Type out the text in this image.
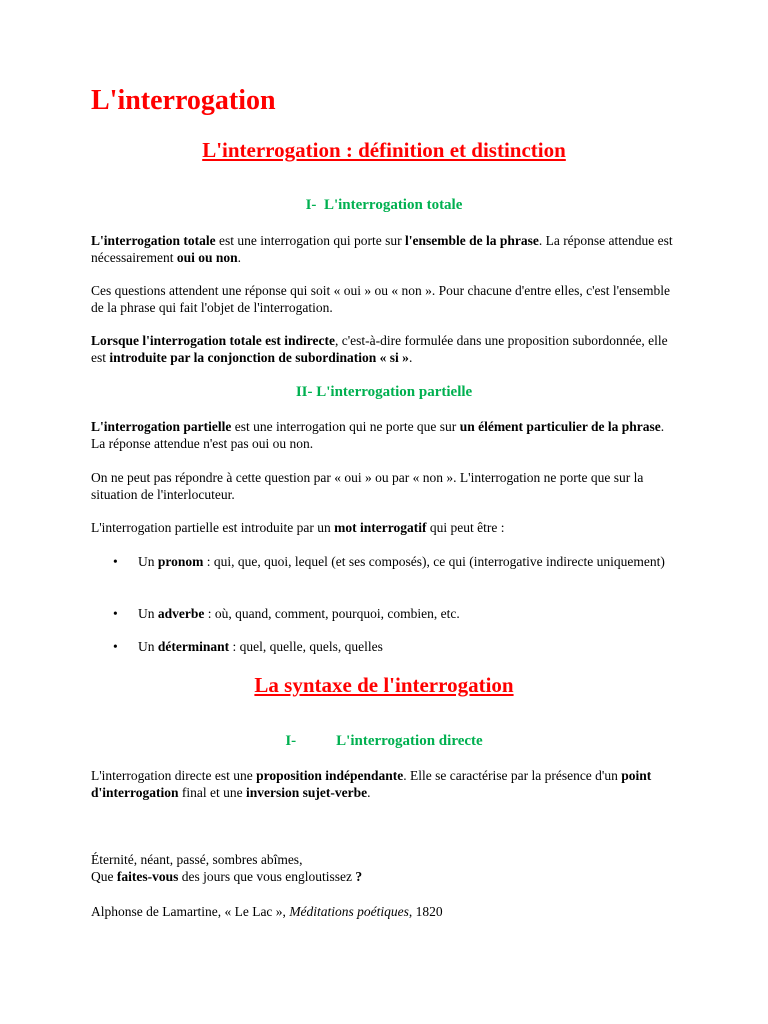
L'interrogation
L'interrogation : définition et distinction
I- L'interrogation totale

L'interrogation totale est une interrogation qui porte sur l'ensemble de la phrase. La réponse attendue est nécessairement oui ou non.

Ces questions attendent une réponse qui soit « oui » ou « non ». Pour chacune d'entre elles, c'est l'ensemble de la phrase qui fait l'objet de l'interrogation.

Lorsque l'interrogation totale est indirecte, c'est-à-dire formulée dans une proposition subordonnée, elle est introduite par la conjonction de subordination « si ».

II- L'interrogation partielle

L'interrogation partielle est une interrogation qui ne porte que sur un élément particulier de la phrase. La réponse attendue n'est pas oui ou non.

On ne peut pas répondre à cette question par « oui » ou par « non ». L'interrogation ne porte que sur la situation de l'interlocuteur.

L'interrogation partielle est introduite par un mot interrogatif qui peut être :

• Un pronom : qui, que, quoi, lequel (et ses composés), ce qui (interrogative indirecte uniquement)
• Un adverbe : où, quand, comment, pourquoi, combien, etc.
• Un déterminant : quel, quelle, quels, quelles
La syntaxe de l'interrogation
I-	L'interrogation directe

L'interrogation directe est une proposition indépendante. Elle se caractérise par la présence d'un point d'interrogation final et une inversion sujet-verbe.

Éternité, néant, passé, sombres abîmes,
Que faites-vous des jours que vous engloutissez ?

Alphonse de Lamartine, « Le Lac », Méditations poétiques, 1820
